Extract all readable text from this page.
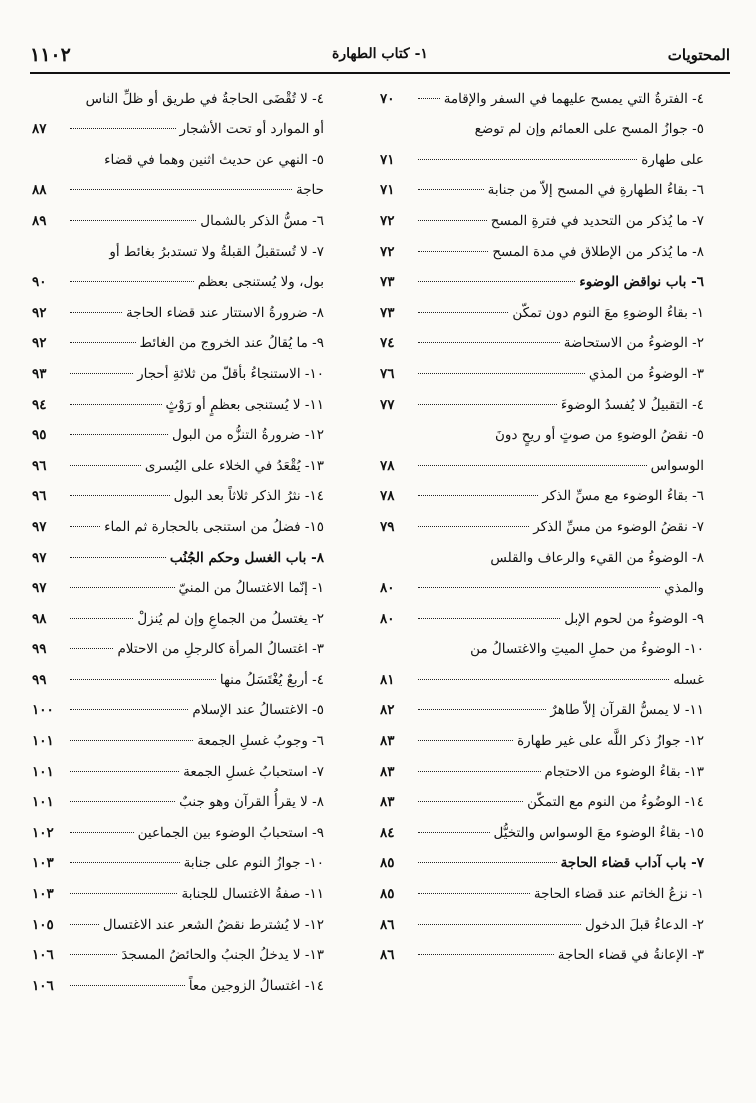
المحتويات
١- كتاب الطهارة
١١٠٢
٤- الفترةُ التي يمسح عليهما في السفر والإقامة
٧٠
٥- جوازُ المسح على العمائم وإن لم توضع
على طهارة
٧١
٦- بقاءُ الطهارةِ في المسح إلاّ من جنابة
٧١
٧- ما يُذكر من التحديد في فترةِ المسح
٧٢
٨- ما يُذكر من الإطلاق في مدة المسح
٧٢
٦- باب نواقض الوضوء
٧٣
١- بقاءُ الوضوءِ معَ النوم دون تمكّن
٧٣
٢- الوضوءُ من الاستحاضة
٧٤
٣- الوضوءُ من المذي
٧٦
٤- التقبيلُ لا يُفسدُ الوضوءَ
٧٧
٥- نقضُ الوضوءِ من صوتٍ أو ريحٍ دونَ
الوسواس
٧٨
٦- بقاءُ الوضوء مع مسِّ الذكر
٧٨
٧- نقضُ الوضوء من مسِّ الذكر
٧٩
٨- الوضوءُ من القيء والرعاف والقلس
والمذي
٨٠
٩- الوضوءُ من لحوم الإبل
٨٠
١٠- الوضوءُ من حملِ الميتِ والاغتسالُ من
غسله
٨١
١١- لا يمسُّ القرآن إلاّ طاهرٌ
٨٢
١٢- جوازُ ذكر اللَّه على غير طهارة
٨٣
١٣- بقاءُ الوضوء من الاحتجام
٨٣
١٤- الوضُوءُ من النوم مع التمكّن
٨٣
١٥- بقاءُ الوضوء معَ الوسواس والتخيُّل
٨٤
٧- باب آداب قضاء الحاجة
٨٥
١- نزعُ الخاتم عند قضاء الحاجة
٨٥
٢- الدعاءُ قبلَ الدخول
٨٦
٣- الإعانةُ في قضاء الحاجة
٨٦
٤- لا تُقْضَى الحاجةُ في طريق أو ظلِّ الناس
أو الموارد أو تحت الأشجار
٨٧
٥- النهي عن حديث اثنين وهما في قضاء
حاجة
٨٨
٦- مسُّ الذكر بالشمال
٨٩
٧- لا تُستقبلُ القبلةُ ولا تستدبرُ بغائط أو
بول، ولا يُستنجى بعظم
٩٠
٨- ضرورةُ الاستتار عند قضاء الحاجة
٩٢
٩- ما يُقالُ عند الخروج من الغائط
٩٢
١٠- الاستنجاءُ بأقلّ من ثلاثةِ أحجار
٩٣
١١- لا يُستنجى بعظمٍ أو رَوْثٍ
٩٤
١٢- ضرورةُ التنزُّه من البول
٩٥
١٣- يُقْعَدُ في الخلاء على اليُسرى
٩٦
١٤- نثرُ الذكر ثلاثاً بعد البول
٩٦
١٥- فضلُ من استنجى بالحجارة ثم الماء
٩٧
٨- باب الغسل وحكم الجُنُب
٩٧
١- إنّما الاغتسالُ من المنيّ
٩٧
٢- يغتسلُ من الجماعِ وإن لم يُنزلْ
٩٨
٣- اغتسالُ المرأة كالرجلِ من الاحتلام
٩٩
٤- أربعٌ يُغْتَسَلُ منها
٩٩
٥- الاغتسالُ عند الإسلام
١٠٠
٦- وجوبُ غسلِ الجمعة
١٠١
٧- استحبابُ غسلِ الجمعة
١٠١
٨- لا يقرأُ القرآن وهو جنبٌ
١٠١
٩- استحبابُ الوضوء بين الجماعين
١٠٢
١٠- جوازُ النوم على جنابة
١٠٣
١١- صفةُ الاغتسال للجنابة
١٠٣
١٢- لا يُشترط نقضُ الشعر عند الاغتسال
١٠٥
١٣- لا يدخلُ الجنبُ والحائضُ المسجدَ
١٠٦
١٤- اغتسالُ الزوجين معاً
١٠٦
